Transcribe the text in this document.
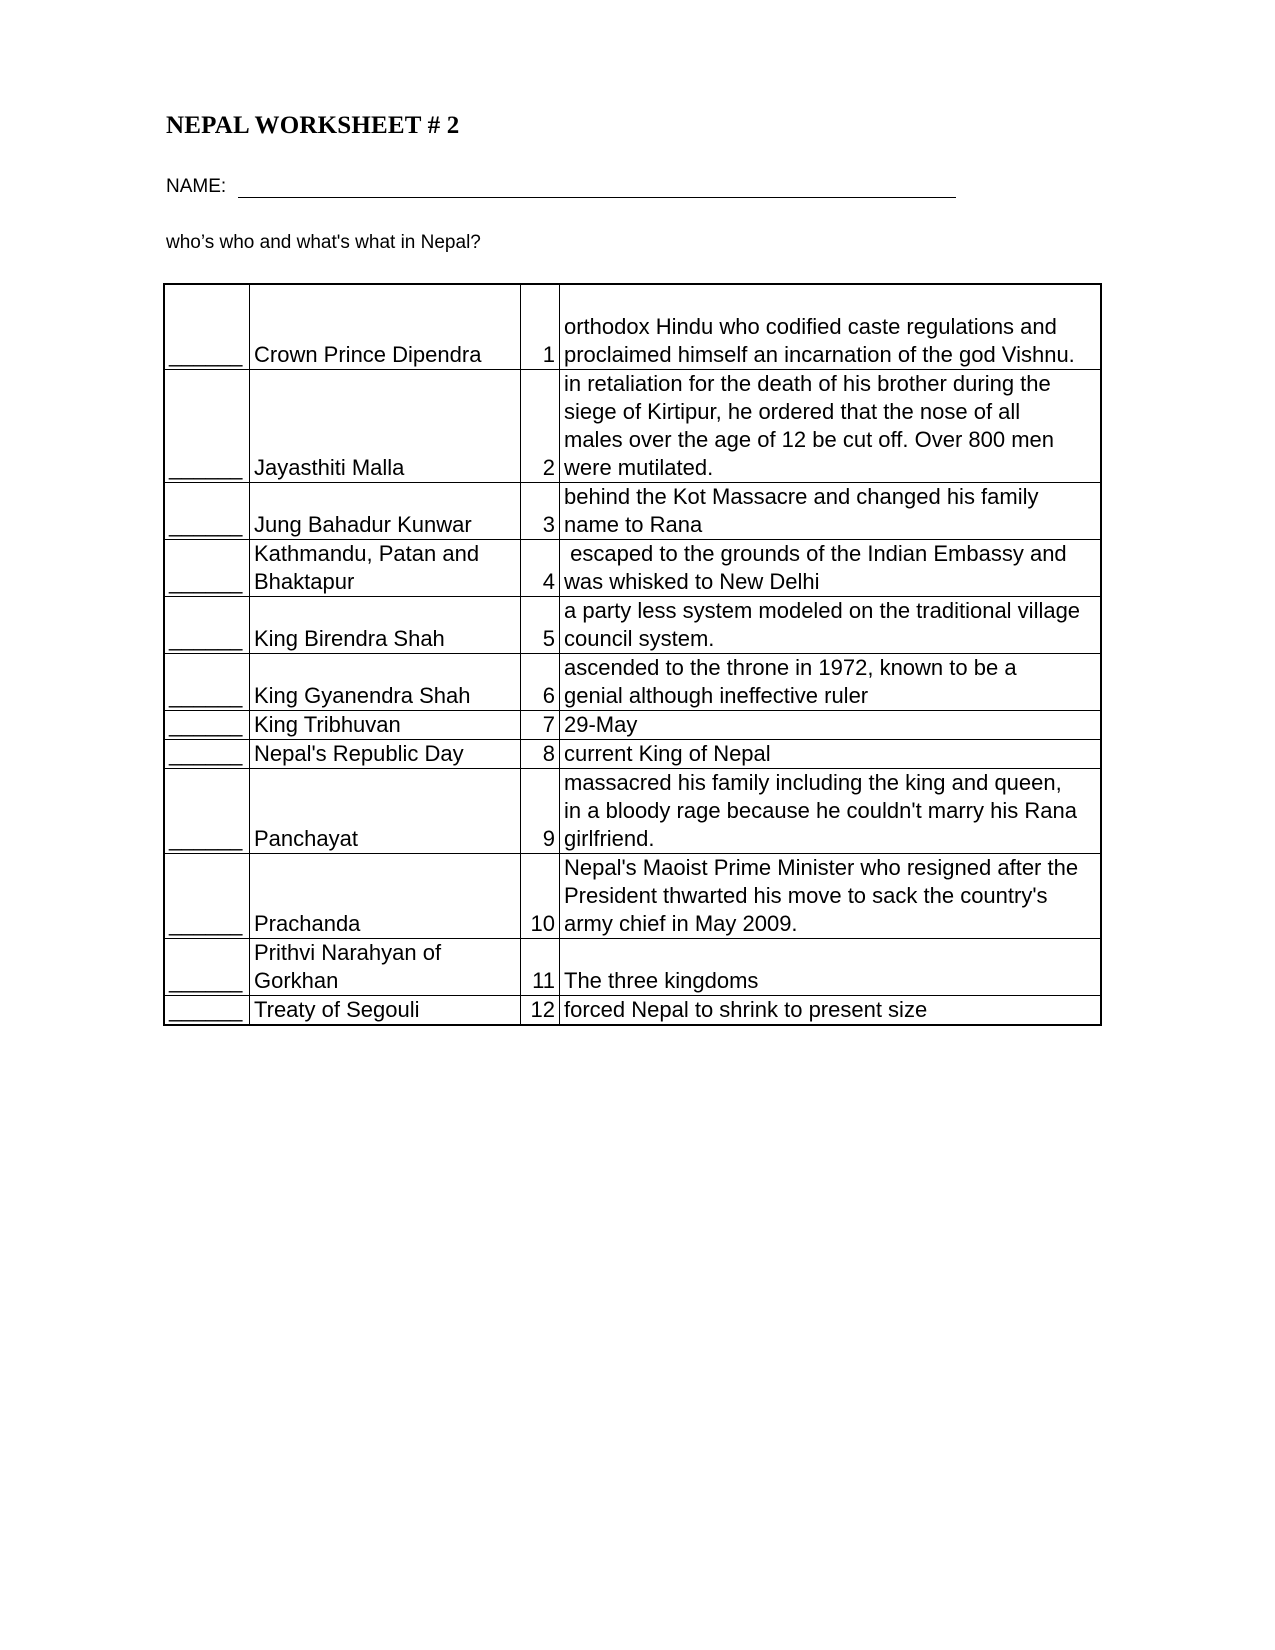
NEPAL WORKSHEET # 2
NAME:
who’s who and what's what in Nepal?
______	Crown Prince Dipendra	1	orthodox Hindu who codified caste regulations and
proclaimed himself an incarnation of the god Vishnu.

______	Jayasthiti Malla	2	in retaliation for the death of his brother during the
siege of Kirtipur, he ordered that the nose of all
males over the age of 12 be cut off. Over 800 men
were mutilated.

______	Jung Bahadur Kunwar	3	behind the Kot Massacre and changed his family
name to Rana

______	Kathmandu, Patan and
Bhaktapur	4	escaped to the grounds of the Indian Embassy and
was whisked to New Delhi

______	King Birendra Shah	5	a party less system modeled on the traditional village
council system.

______	King Gyanendra Shah	6	ascended to the throne in 1972, known to be a
genial although ineffective ruler

______	King Tribhuvan	7	29-May

______	Nepal's Republic Day	8	current King of Nepal

______	Panchayat	9	massacred his family including the king and queen,
in a bloody rage because he couldn't marry his Rana
girlfriend.

______	Prachanda	10	Nepal's Maoist Prime Minister who resigned after the
President thwarted his move to sack the country's
army chief in May 2009.

______	Prithvi Narahyan of
Gorkhan	11	The three kingdoms

______	Treaty of Segouli	12	forced Nepal to shrink to present size
